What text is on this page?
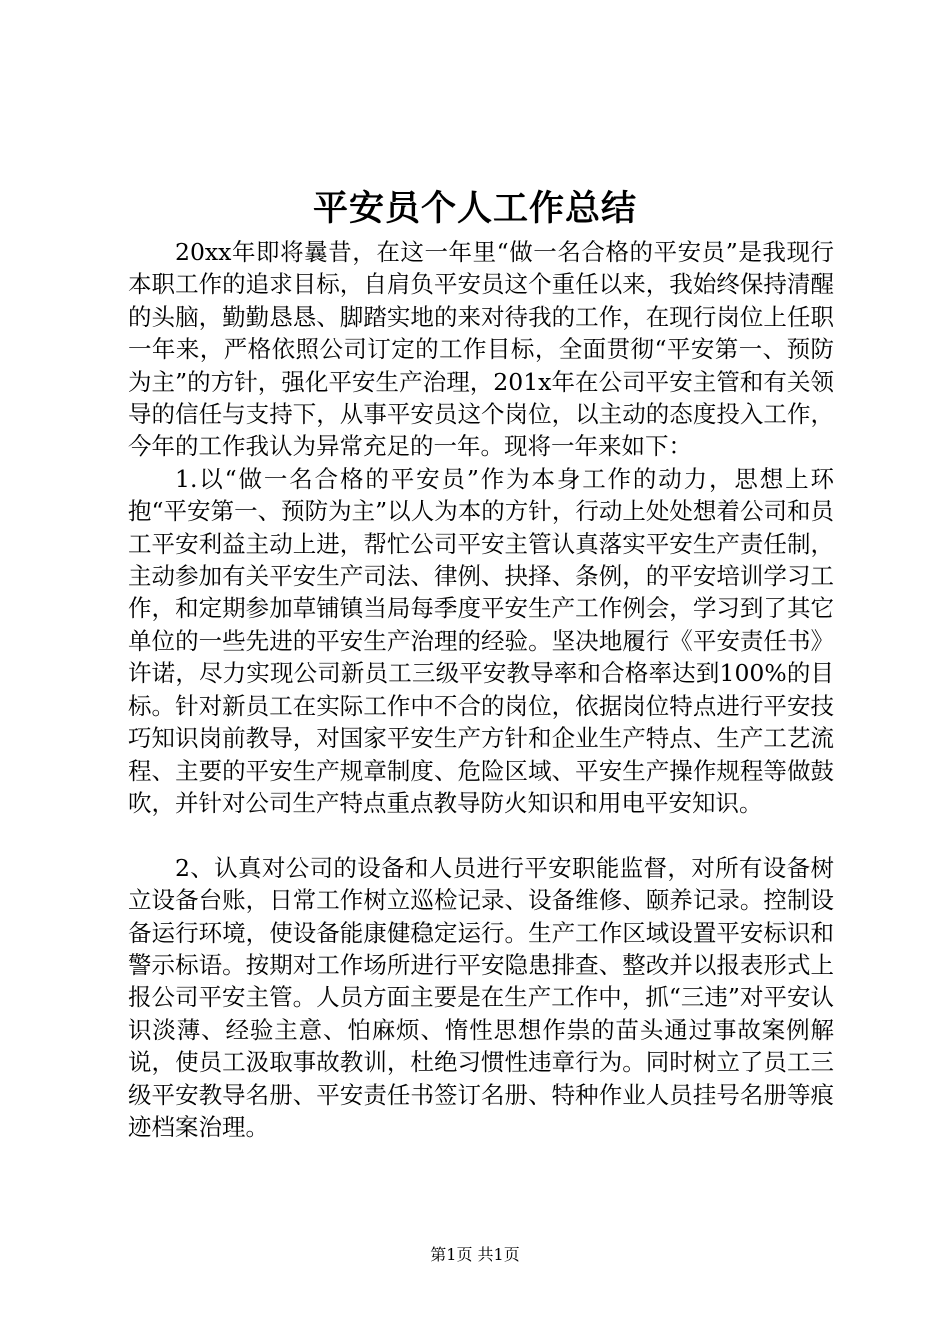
平安员个人工作总结

20xx年即将曩昔，在这一年里“做一名合格的平安员”是我现行本职工作的追求目标，自肩负平安员这个重任以来，我始终保持清醒的头脑，勤勤恳恳、脚踏实地的来对待我的工作，在现行岗位上任职一年来，严格依照公司订定的工作目标，全面贯彻“平安第一、预防为主”的方针，强化平安生产治理，201x年在公司平安主管和有关领导的信任与支持下，从事平安员这个岗位，以主动的态度投入工作，今年的工作我认为异常充足的一年。现将一年来如下：

1.以“做一名合格的平安员”作为本身工作的动力，思想上环抱“平安第一、预防为主”以人为本的方针，行动上处处想着公司和员工平安利益主动上进，帮忙公司平安主管认真落实平安生产责任制，主动参加有关平安生产司法、律例、抉择、条例，的平安培训学习工作，和定期参加草铺镇当局每季度平安生产工作例会，学习到了其它单位的一些先进的平安生产治理的经验。坚决地履行《平安责任书》许诺，尽力实现公司新员工三级平安教导率和合格率达到100%的目标。针对新员工在实际工作中不合的岗位，依据岗位特点进行平安技巧知识岗前教导，对国家平安生产方针和企业生产特点、生产工艺流程、主要的平安生产规章制度、危险区域、平安生产操作规程等做鼓吹，并针对公司生产特点重点教导防火知识和用电平安知识。

2、认真对公司的设备和人员进行平安职能监督，对所有设备树立设备台账，日常工作树立巡检记录、设备维修、颐养记录。控制设备运行环境，使设备能康健稳定运行。生产工作区域设置平安标识和警示标语。按期对工作场所进行平安隐患排查、整改并以报表形式上报公司平安主管。人员方面主要是在生产工作中，抓“三违”对平安认识淡薄、经验主意、怕麻烦、惰性思想作祟的苗头通过事故案例解说，使员工汲取事故教训，杜绝习惯性违章行为。同时树立了员工三级平安教导名册、平安责任书签订名册、特种作业人员挂号名册等痕迹档案治理。

第1页 共1页
